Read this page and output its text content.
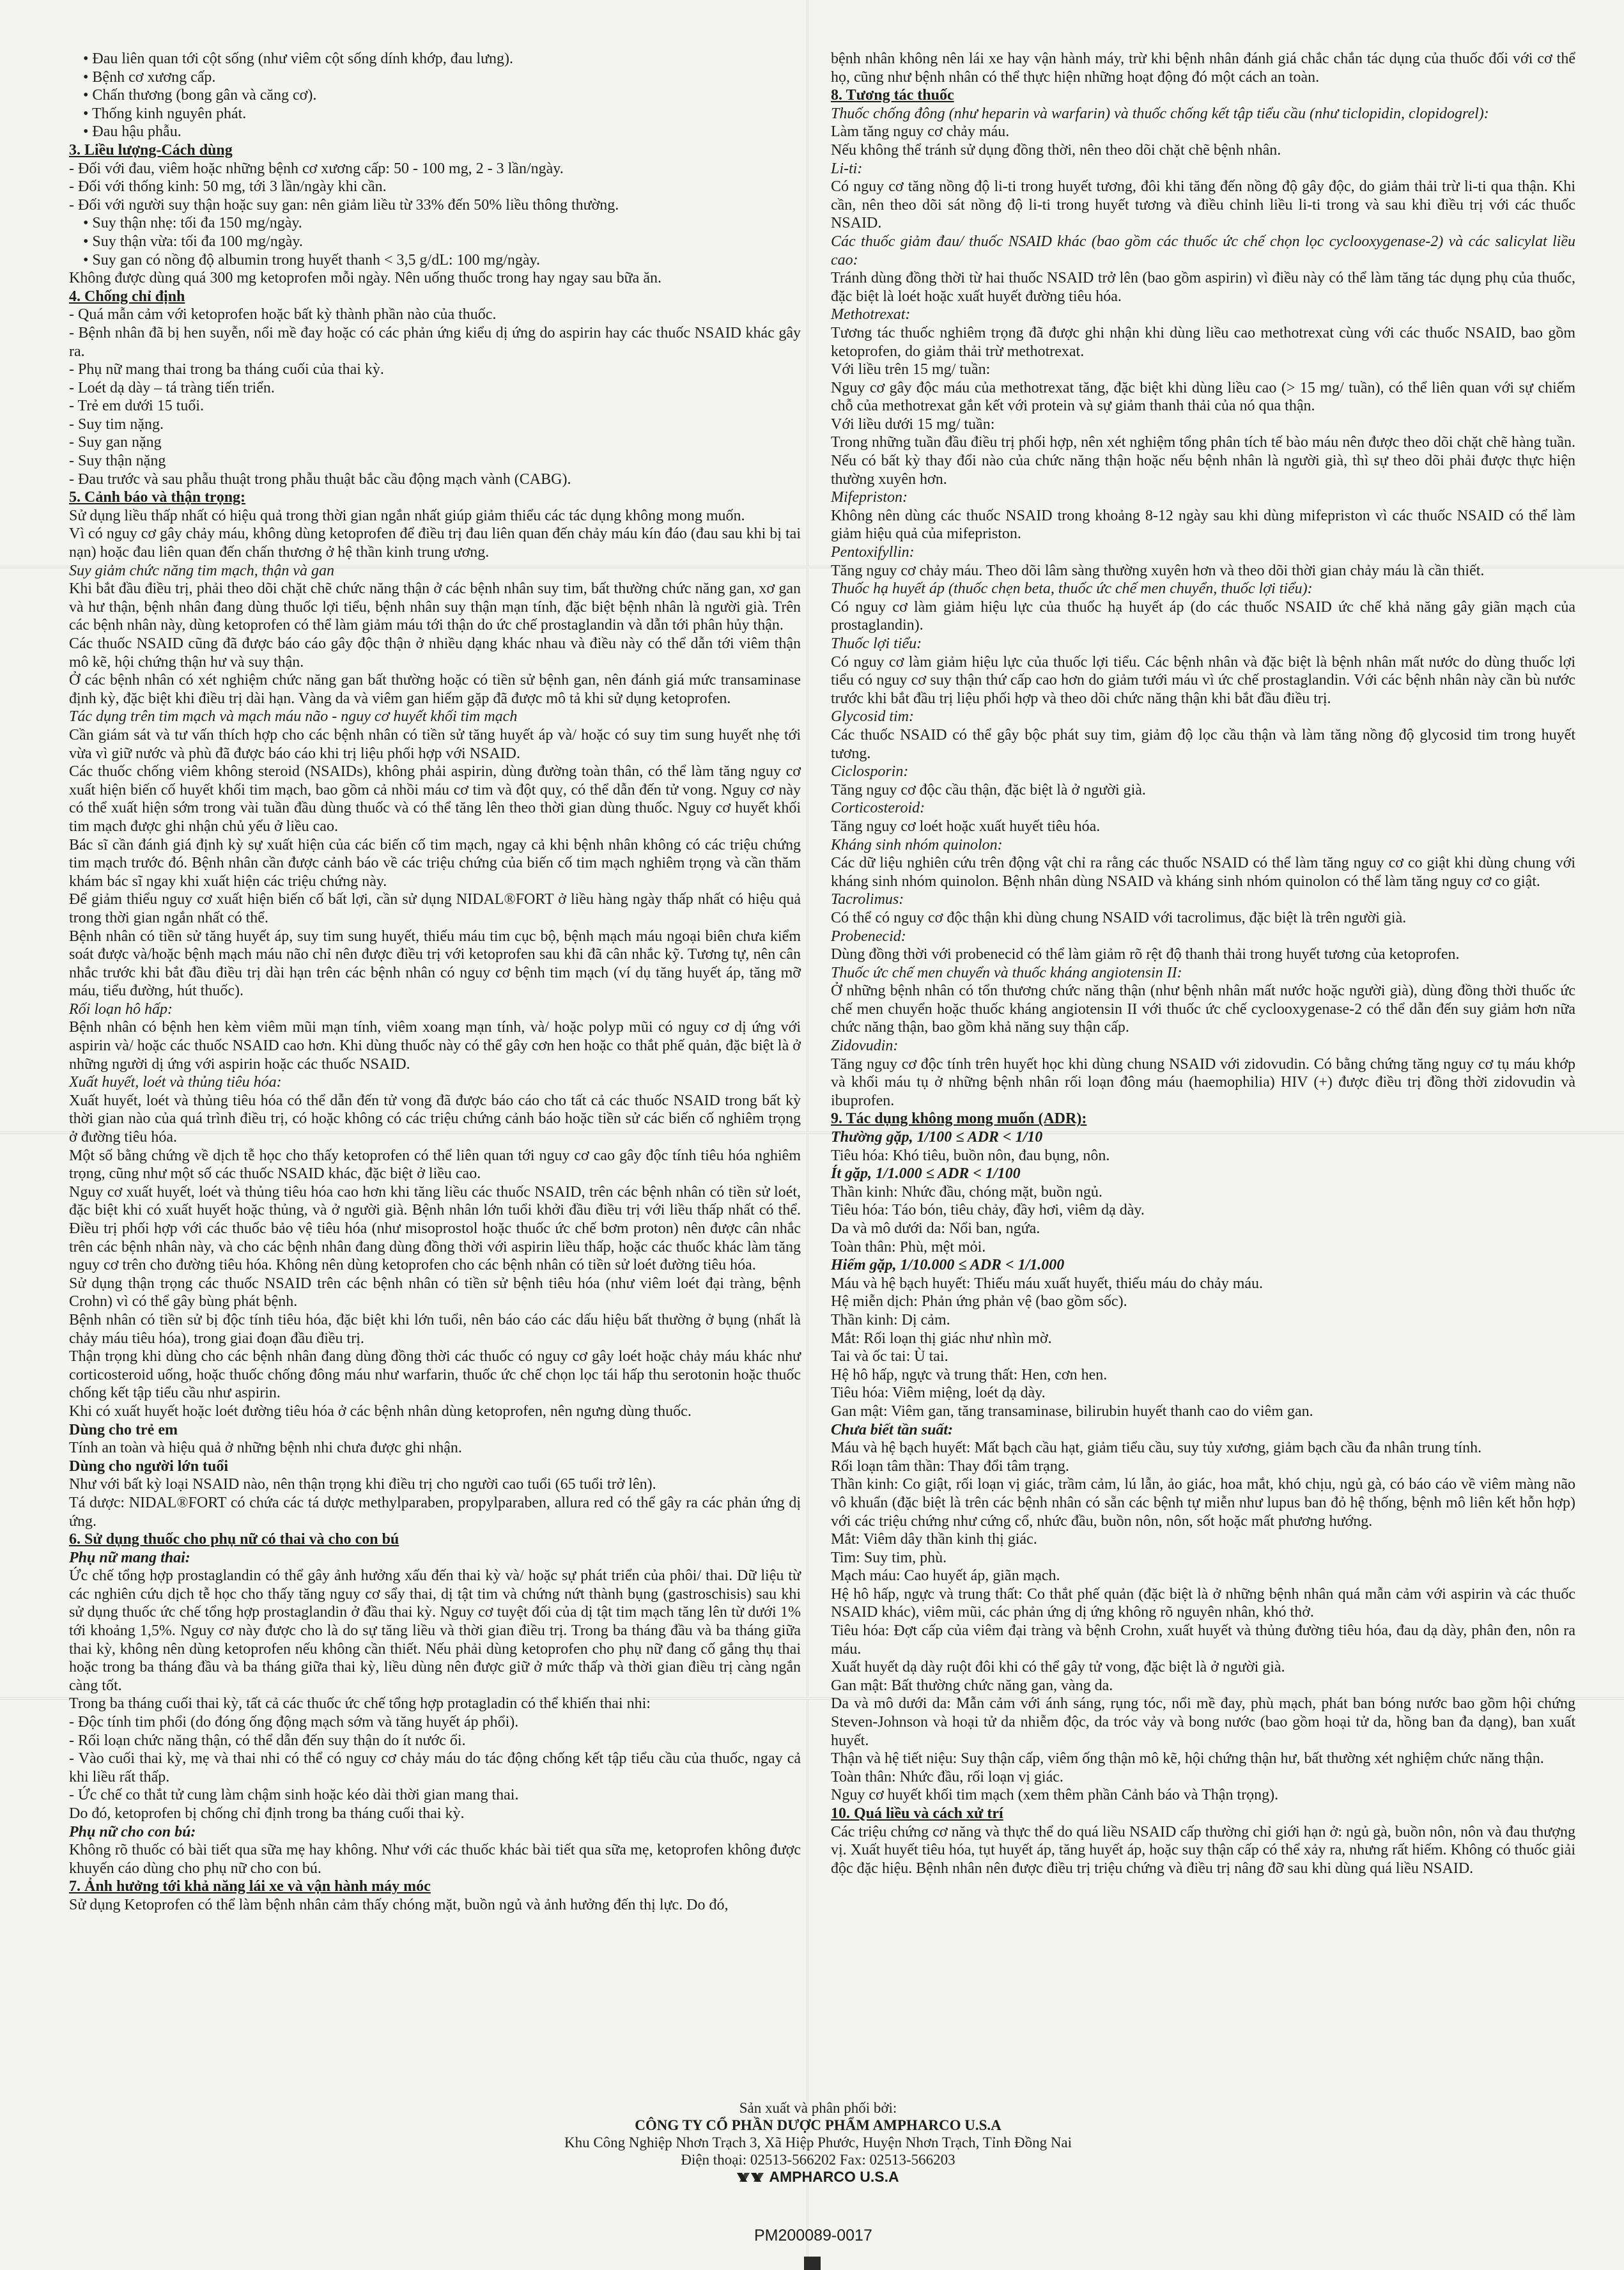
• Đau liên quan tới cột sống (như viêm cột sống dính khớp, đau lưng).

• Bệnh cơ xương cấp.

• Chấn thương (bong gân và căng cơ).

• Thống kinh nguyên phát.

• Đau hậu phẫu.

3. Liều lượng-Cách dùng

- Đối với đau, viêm hoặc những bệnh cơ xương cấp: 50 - 100 mg, 2 - 3 lần/ngày.

- Đối với thống kinh: 50 mg, tới 3 lần/ngày khi cần.

- Đối với người suy thận hoặc suy gan: nên giảm liều từ 33% đến 50% liều thông thường.

• Suy thận nhẹ: tối đa 150 mg/ngày.

• Suy thận vừa: tối đa 100 mg/ngày.

• Suy gan có nồng độ albumin trong huyết thanh < 3,5 g/dL: 100 mg/ngày.

Không được dùng quá 300 mg ketoprofen mỗi ngày. Nên uống thuốc trong hay ngay sau bữa ăn.

4. Chống chỉ định

- Quá mẫn cảm với ketoprofen hoặc bất kỳ thành phần nào của thuốc.

- Bệnh nhân đã bị hen suyễn, nổi mề đay hoặc có các phản ứng kiểu dị ứng do aspirin hay các thuốc NSAID khác gây ra.

- Phụ nữ mang thai trong ba tháng cuối của thai kỳ.

- Loét dạ dày – tá tràng tiến triển.

- Trẻ em dưới 15 tuổi.

- Suy tim nặng.

- Suy gan nặng

- Suy thận nặng

- Đau trước và sau phẫu thuật trong phẫu thuật bắc cầu động mạch vành (CABG).

5. Cảnh báo và thận trọng:

Sử dụng liều thấp nhất có hiệu quả trong thời gian ngắn nhất giúp giảm thiểu các tác dụng không mong muốn.

Vì có nguy cơ gây chảy máu, không dùng ketoprofen để điều trị đau liên quan đến chảy máu kín đáo (đau sau khi bị tai nạn) hoặc đau liên quan đến chấn thương ở hệ thần kinh trung ương.

Suy giảm chức năng tim mạch, thận và gan

Khi bắt đầu điều trị, phải theo dõi chặt chẽ chức năng thận ở các bệnh nhân suy tim, bất thường chức năng gan, xơ gan và hư thận, bệnh nhân đang dùng thuốc lợi tiểu, bệnh nhân suy thận mạn tính, đặc biệt bệnh nhân là người già. Trên các bệnh nhân này, dùng ketoprofen có thể làm giảm máu tới thận do ức chế prostaglandin và dẫn tới phân hủy thận.

Các thuốc NSAID cũng đã được báo cáo gây độc thận ở nhiều dạng khác nhau và điều này có thể dẫn tới viêm thận mô kẽ, hội chứng thận hư và suy thận.

Ở các bệnh nhân có xét nghiệm chức năng gan bất thường hoặc có tiền sử bệnh gan, nên đánh giá mức transaminase định kỳ, đặc biệt khi điều trị dài hạn. Vàng da và viêm gan hiếm gặp đã được mô tả khi sử dụng ketoprofen.

Tác dụng trên tim mạch và mạch máu não - nguy cơ huyết khối tim mạch

Cần giám sát và tư vấn thích hợp cho các bệnh nhân có tiền sử tăng huyết áp và/ hoặc có suy tim sung huyết nhẹ tới vừa vì giữ nước và phù đã được báo cáo khi trị liệu phối hợp với NSAID.

Các thuốc chống viêm không steroid (NSAIDs), không phải aspirin, dùng đường toàn thân, có thể làm tăng nguy cơ xuất hiện biến cố huyết khối tim mạch, bao gồm cả nhồi máu cơ tim và đột quỵ, có thể dẫn đến tử vong. Nguy cơ này có thể xuất hiện sớm trong vài tuần đầu dùng thuốc và có thể tăng lên theo thời gian dùng thuốc. Nguy cơ huyết khối tim mạch được ghi nhận chủ yếu ở liều cao.

Bác sĩ cần đánh giá định kỳ sự xuất hiện của các biến cố tim mạch, ngay cả khi bệnh nhân không có các triệu chứng tim mạch trước đó. Bệnh nhân cần được cảnh báo về các triệu chứng của biến cố tim mạch nghiêm trọng và cần thăm khám bác sĩ ngay khi xuất hiện các triệu chứng này.

Để giảm thiểu nguy cơ xuất hiện biến cố bất lợi, cần sử dụng NIDAL®FORT ở liều hàng ngày thấp nhất có hiệu quả trong thời gian ngắn nhất có thể.

Bệnh nhân có tiền sử tăng huyết áp, suy tim sung huyết, thiếu máu tim cục bộ, bệnh mạch máu ngoại biên chưa kiểm soát được và/hoặc bệnh mạch máu não chỉ nên được điều trị với ketoprofen sau khi đã cân nhắc kỹ. Tương tự, nên cân nhắc trước khi bắt đầu điều trị dài hạn trên các bệnh nhân có nguy cơ bệnh tim mạch (ví dụ tăng huyết áp, tăng mỡ máu, tiểu đường, hút thuốc).

Rối loạn hô hấp:

Bệnh nhân có bệnh hen kèm viêm mũi mạn tính, viêm xoang mạn tính, và/ hoặc polyp mũi có nguy cơ dị ứng với aspirin và/ hoặc các thuốc NSAID cao hơn. Khi dùng thuốc này có thể gây cơn hen hoặc co thắt phế quản, đặc biệt là ở những người dị ứng với aspirin hoặc các thuốc NSAID.

Xuất huyết, loét và thủng tiêu hóa:

Xuất huyết, loét và thủng tiêu hóa có thể dẫn đến tử vong đã được báo cáo cho tất cả các thuốc NSAID trong bất kỳ thời gian nào của quá trình điều trị, có hoặc không có các triệu chứng cảnh báo hoặc tiền sử các biến cố nghiêm trọng ở đường tiêu hóa.

Một số bằng chứng về dịch tễ học cho thấy ketoprofen có thể liên quan tới nguy cơ cao gây độc tính tiêu hóa nghiêm trọng, cũng như một số các thuốc NSAID khác, đặc biệt ở liều cao.

Nguy cơ xuất huyết, loét và thủng tiêu hóa cao hơn khi tăng liều các thuốc NSAID, trên các bệnh nhân có tiền sử loét, đặc biệt khi có xuất huyết hoặc thủng, và ở người già. Bệnh nhân lớn tuổi khởi đầu điều trị với liều thấp nhất có thể. Điều trị phối hợp với các thuốc bảo vệ tiêu hóa (như misoprostol hoặc thuốc ức chế bơm proton) nên được cân nhắc trên các bệnh nhân này, và cho các bệnh nhân đang dùng đồng thời với aspirin liều thấp, hoặc các thuốc khác làm tăng nguy cơ trên cho đường tiêu hóa. Không nên dùng ketoprofen cho các bệnh nhân có tiền sử loét đường tiêu hóa.

Sử dụng thận trọng các thuốc NSAID trên các bệnh nhân có tiền sử bệnh tiêu hóa (như viêm loét đại tràng, bệnh Crohn) vì có thể gây bùng phát bệnh.

Bệnh nhân có tiền sử bị độc tính tiêu hóa, đặc biệt khi lớn tuổi, nên báo cáo các dấu hiệu bất thường ở bụng (nhất là chảy máu tiêu hóa), trong giai đoạn đầu điều trị.

Thận trọng khi dùng cho các bệnh nhân đang dùng đồng thời các thuốc có nguy cơ gây loét hoặc chảy máu khác như corticosteroid uống, hoặc thuốc chống đông máu như warfarin, thuốc ức chế chọn lọc tái hấp thu serotonin hoặc thuốc chống kết tập tiểu cầu như aspirin.

Khi có xuất huyết hoặc loét đường tiêu hóa ở các bệnh nhân dùng ketoprofen, nên ngưng dùng thuốc.

Dùng cho trẻ em

Tính an toàn và hiệu quả ở những bệnh nhi chưa được ghi nhận.

Dùng cho người lớn tuổi

Như với bất kỳ loại NSAID nào, nên thận trọng khi điều trị cho người cao tuổi (65 tuổi trở lên).

Tá dược: NIDAL®FORT có chứa các tá dược methylparaben, propylparaben, allura red có thể gây ra các phản ứng dị ứng.

6. Sử dụng thuốc cho phụ nữ có thai và cho con bú

Phụ nữ mang thai:

Ức chế tổng hợp prostaglandin có thể gây ảnh hưởng xấu đến thai kỳ và/ hoặc sự phát triển của phôi/ thai. Dữ liệu từ các nghiên cứu dịch tễ học cho thấy tăng nguy cơ sẩy thai, dị tật tim và chứng nứt thành bụng (gastroschisis) sau khi sử dụng thuốc ức chế tổng hợp prostaglandin ở đầu thai kỳ. Nguy cơ tuyệt đối của dị tật tim mạch tăng lên từ dưới 1% tới khoảng 1,5%. Nguy cơ này được cho là do sự tăng liều và thời gian điều trị. Trong ba tháng đầu và ba tháng giữa thai kỳ, không nên dùng ketoprofen nếu không cần thiết. Nếu phải dùng ketoprofen cho phụ nữ đang cố gắng thụ thai hoặc trong ba tháng đầu và ba tháng giữa thai kỳ, liều dùng nên được giữ ở mức thấp và thời gian điều trị càng ngắn càng tốt.

Trong ba tháng cuối thai kỳ, tất cả các thuốc ức chế tổng hợp protagladin có thể khiến thai nhi:

- Độc tính tim phổi (do đóng ống động mạch sớm và tăng huyết áp phổi).

- Rối loạn chức năng thận, có thể dẫn đến suy thận do ít nước ối.

- Vào cuối thai kỳ, mẹ và thai nhi có thể có nguy cơ chảy máu do tác động chống kết tập tiểu cầu của thuốc, ngay cả khi liều rất thấp.

- Ức chế co thắt tử cung làm chậm sinh hoặc kéo dài thời gian mang thai.

Do đó, ketoprofen bị chống chỉ định trong ba tháng cuối thai kỳ.

Phụ nữ cho con bú:

Không rõ thuốc có bài tiết qua sữa mẹ hay không. Như với các thuốc khác bài tiết qua sữa mẹ, ketoprofen không được khuyến cáo dùng cho phụ nữ cho con bú.

7. Ảnh hưởng tới khả năng lái xe và vận hành máy móc

Sử dụng Ketoprofen có thể làm bệnh nhân cảm thấy chóng mặt, buồn ngủ và ảnh hưởng đến thị lực. Do đó,

bệnh nhân không nên lái xe hay vận hành máy, trừ khi bệnh nhân đánh giá chắc chắn tác dụng của thuốc đối với cơ thể họ, cũng như bệnh nhân có thể thực hiện những hoạt động đó một cách an toàn.

8. Tương tác thuốc

Thuốc chống đông (như heparin và warfarin) và thuốc chống kết tập tiểu cầu (như ticlopidin, clopidogrel):

Làm tăng nguy cơ chảy máu.

Nếu không thể tránh sử dụng đồng thời, nên theo dõi chặt chẽ bệnh nhân.

Li-ti:

Có nguy cơ tăng nồng độ li-ti trong huyết tương, đôi khi tăng đến nồng độ gây độc, do giảm thải trừ li-ti qua thận. Khi cần, nên theo dõi sát nồng độ li-ti trong huyết tương và điều chỉnh liều li-ti trong và sau khi điều trị với các thuốc NSAID.

Các thuốc giảm đau/ thuốc NSAID khác (bao gồm các thuốc ức chế chọn lọc cyclooxygenase-2) và các salicylat liều cao:

Tránh dùng đồng thời từ hai thuốc NSAID trở lên (bao gồm aspirin) vì điều này có thể làm tăng tác dụng phụ của thuốc, đặc biệt là loét hoặc xuất huyết đường tiêu hóa.

Methotrexat:

Tương tác thuốc nghiêm trọng đã được ghi nhận khi dùng liều cao methotrexat cùng với các thuốc NSAID, bao gồm ketoprofen, do giảm thải trừ methotrexat.

Với liều trên 15 mg/ tuần:

Nguy cơ gây độc máu của methotrexat tăng, đặc biệt khi dùng liều cao (> 15 mg/ tuần), có thể liên quan với sự chiếm chỗ của methotrexat gắn kết với protein và sự giảm thanh thải của nó qua thận.

Với liều dưới 15 mg/ tuần:

Trong những tuần đầu điều trị phối hợp, nên xét nghiệm tổng phân tích tế bào máu nên được theo dõi chặt chẽ hàng tuần. Nếu có bất kỳ thay đổi nào của chức năng thận hoặc nếu bệnh nhân là người già, thì sự theo dõi phải được thực hiện thường xuyên hơn.

Mifepriston:

Không nên dùng các thuốc NSAID trong khoảng 8-12 ngày sau khi dùng mifepriston vì các thuốc NSAID có thể làm giảm hiệu quả của mifepriston.

Pentoxifyllin:

Tăng nguy cơ chảy máu. Theo dõi lâm sàng thường xuyên hơn và theo dõi thời gian chảy máu là cần thiết.

Thuốc hạ huyết áp (thuốc chẹn beta, thuốc ức chế men chuyển, thuốc lợi tiểu):

Có nguy cơ làm giảm hiệu lực của thuốc hạ huyết áp (do các thuốc NSAID ức chế khả năng gây giãn mạch của prostaglandin).

Thuốc lợi tiểu:

Có nguy cơ làm giảm hiệu lực của thuốc lợi tiểu. Các bệnh nhân và đặc biệt là bệnh nhân mất nước do dùng thuốc lợi tiểu có nguy cơ suy thận thứ cấp cao hơn do giảm tưới máu vì ức chế prostaglandin. Với các bệnh nhân này cần bù nước trước khi bắt đầu trị liệu phối hợp và theo dõi chức năng thận khi bắt đầu điều trị.

Glycosid tim:

Các thuốc NSAID có thể gây bộc phát suy tim, giảm độ lọc cầu thận và làm tăng nồng độ glycosid tim trong huyết tương.

Ciclosporin:

Tăng nguy cơ độc cầu thận, đặc biệt là ở người già.

Corticosteroid:

Tăng nguy cơ loét hoặc xuất huyết tiêu hóa.

Kháng sinh nhóm quinolon:

Các dữ liệu nghiên cứu trên động vật chỉ ra rằng các thuốc NSAID có thể làm tăng nguy cơ co giật khi dùng chung với kháng sinh nhóm quinolon. Bệnh nhân dùng NSAID và kháng sinh nhóm quinolon có thể làm tăng nguy cơ co giật.

Tacrolimus:

Có thể có nguy cơ độc thận khi dùng chung NSAID với tacrolimus, đặc biệt là trên người già.

Probenecid:

Dùng đồng thời với probenecid có thể làm giảm rõ rệt độ thanh thải trong huyết tương của ketoprofen.

Thuốc ức chế men chuyển và thuốc kháng angiotensin II:

Ở những bệnh nhân có tổn thương chức năng thận (như bệnh nhân mất nước hoặc người già), dùng đồng thời thuốc ức chế men chuyển hoặc thuốc kháng angiotensin II với thuốc ức chế cyclooxygenase-2 có thể dẫn đến suy giảm hơn nữa chức năng thận, bao gồm khả năng suy thận cấp.

Zidovudin:

Tăng nguy cơ độc tính trên huyết học khi dùng chung NSAID với zidovudin. Có bằng chứng tăng nguy cơ tụ máu khớp và khối máu tụ ở những bệnh nhân rối loạn đông máu (haemophilia) HIV (+) được điều trị đồng thời zidovudin và ibuprofen.

9. Tác dụng không mong muốn (ADR):

Thường gặp, 1/100 ≤ ADR < 1/10

Tiêu hóa: Khó tiêu, buồn nôn, đau bụng, nôn.

Ít gặp, 1/1.000 ≤ ADR < 1/100

Thần kinh: Nhức đầu, chóng mặt, buồn ngủ.

Tiêu hóa: Táo bón, tiêu chảy, đầy hơi, viêm dạ dày.

Da và mô dưới da: Nổi ban, ngứa.

Toàn thân: Phù, mệt mỏi.

Hiếm gặp, 1/10.000 ≤ ADR < 1/1.000

Máu và hệ bạch huyết: Thiếu máu xuất huyết, thiếu máu do chảy máu.

Hệ miễn dịch: Phản ứng phản vệ (bao gồm sốc).

Thần kinh: Dị cảm.

Mắt: Rối loạn thị giác như nhìn mờ.

Tai và ốc tai: Ù tai.

Hệ hô hấp, ngực và trung thất: Hen, cơn hen.

Tiêu hóa: Viêm miệng, loét dạ dày.

Gan mật: Viêm gan, tăng transaminase, bilirubin huyết thanh cao do viêm gan.

Chưa biết tần suất:

Máu và hệ bạch huyết: Mất bạch cầu hạt, giảm tiểu cầu, suy tủy xương, giảm bạch cầu đa nhân trung tính.

Rối loạn tâm thần: Thay đổi tâm trạng.

Thần kinh: Co giật, rối loạn vị giác, trầm cảm, lú lẫn, ảo giác, hoa mắt, khó chịu, ngủ gà, có báo cáo về viêm màng não vô khuẩn (đặc biệt là trên các bệnh nhân có sẵn các bệnh tự miễn như lupus ban đỏ hệ thống, bệnh mô liên kết hỗn hợp) với các triệu chứng như cứng cổ, nhức đầu, buồn nôn, nôn, sốt hoặc mất phương hướng.

Mắt: Viêm dây thần kinh thị giác.

Tim: Suy tim, phù.

Mạch máu: Cao huyết áp, giãn mạch.

Hệ hô hấp, ngực và trung thất: Co thắt phế quản (đặc biệt là ở những bệnh nhân quá mẫn cảm với aspirin và các thuốc NSAID khác), viêm mũi, các phản ứng dị ứng không rõ nguyên nhân, khó thở.

Tiêu hóa: Đợt cấp của viêm đại tràng và bệnh Crohn, xuất huyết và thủng đường tiêu hóa, đau dạ dày, phân đen, nôn ra máu.

Xuất huyết dạ dày ruột đôi khi có thể gây tử vong, đặc biệt là ở người già.

Gan mật: Bất thường chức năng gan, vàng da.

Da và mô dưới da: Mẫn cảm với ánh sáng, rụng tóc, nổi mề đay, phù mạch, phát ban bóng nước bao gồm hội chứng Steven-Johnson và hoại tử da nhiễm độc, da tróc vảy và bong nước (bao gồm hoại tử da, hồng ban đa dạng), ban xuất huyết.

Thận và hệ tiết niệu: Suy thận cấp, viêm ống thận mô kẽ, hội chứng thận hư, bất thường xét nghiệm chức năng thận.

Toàn thân: Nhức đầu, rối loạn vị giác.

Nguy cơ huyết khối tim mạch (xem thêm phần Cảnh báo và Thận trọng).

10. Quá liều và cách xử trí

Các triệu chứng cơ năng và thực thể do quá liều NSAID cấp thường chỉ giới hạn ở: ngủ gà, buồn nôn, nôn và đau thượng vị. Xuất huyết tiêu hóa, tụt huyết áp, tăng huyết áp, hoặc suy thận cấp có thể xảy ra, nhưng rất hiếm. Không có thuốc giải độc đặc hiệu. Bệnh nhân nên được điều trị triệu chứng và điều trị nâng đỡ sau khi dùng quá liều NSAID.

Sản xuất và phân phối bởi:
CÔNG TY CỔ PHẦN DƯỢC PHẨM AMPHARCO U.S.A
Khu Công Nghiệp Nhơn Trạch 3, Xã Hiệp Phước, Huyện Nhơn Trạch, Tỉnh Đồng Nai
Điện thoại: 02513-566202 Fax: 02513-566203
AMPHARCO U.S.A
PM200089-0017
